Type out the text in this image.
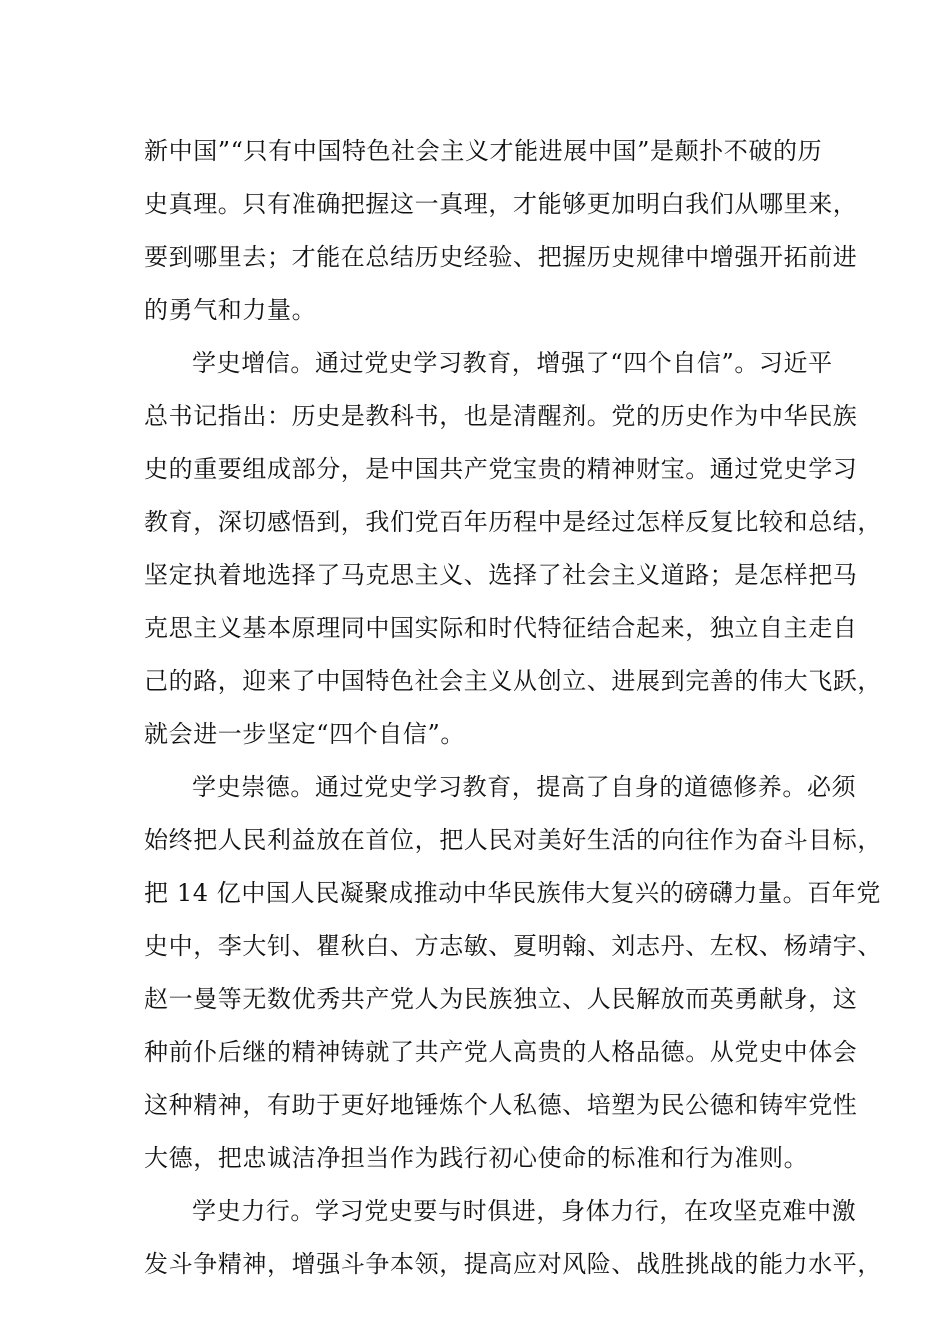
新中国”“只有中国特色社会主义才能进展中国”是颠扑不破的历
史真理。只有准确把握这一真理，才能够更加明白我们从哪里来，
要到哪里去；才能在总结历史经验、把握历史规律中增强开拓前进
的勇气和力量。
学史增信。通过党史学习教育，增强了“四个自信”。习近平
总书记指出：历史是教科书，也是清醒剂。党的历史作为中华民族
史的重要组成部分，是中国共产党宝贵的精神财宝。通过党史学习
教育，深切感悟到，我们党百年历程中是经过怎样反复比较和总结，
坚定执着地选择了马克思主义、选择了社会主义道路；是怎样把马
克思主义基本原理同中国实际和时代特征结合起来，独立自主走自
己的路，迎来了中国特色社会主义从创立、进展到完善的伟大飞跃，
就会进一步坚定“四个自信”。
学史崇德。通过党史学习教育，提高了自身的道德修养。必须
始终把人民利益放在首位，把人民对美好生活的向往作为奋斗目标，
把 14 亿中国人民凝聚成推动中华民族伟大复兴的磅礴力量。百年党
史中，李大钊、瞿秋白、方志敏、夏明翰、刘志丹、左权、杨靖宇、
赵一曼等无数优秀共产党人为民族独立、人民解放而英勇献身，这
种前仆后继的精神铸就了共产党人高贵的人格品德。从党史中体会
这种精神，有助于更好地锤炼个人私德、培塑为民公德和铸牢党性
大德，把忠诚洁净担当作为践行初心使命的标准和行为准则。
学史力行。学习党史要与时俱进，身体力行，在攻坚克难中激
发斗争精神，增强斗争本领，提高应对风险、战胜挑战的能力水平，
